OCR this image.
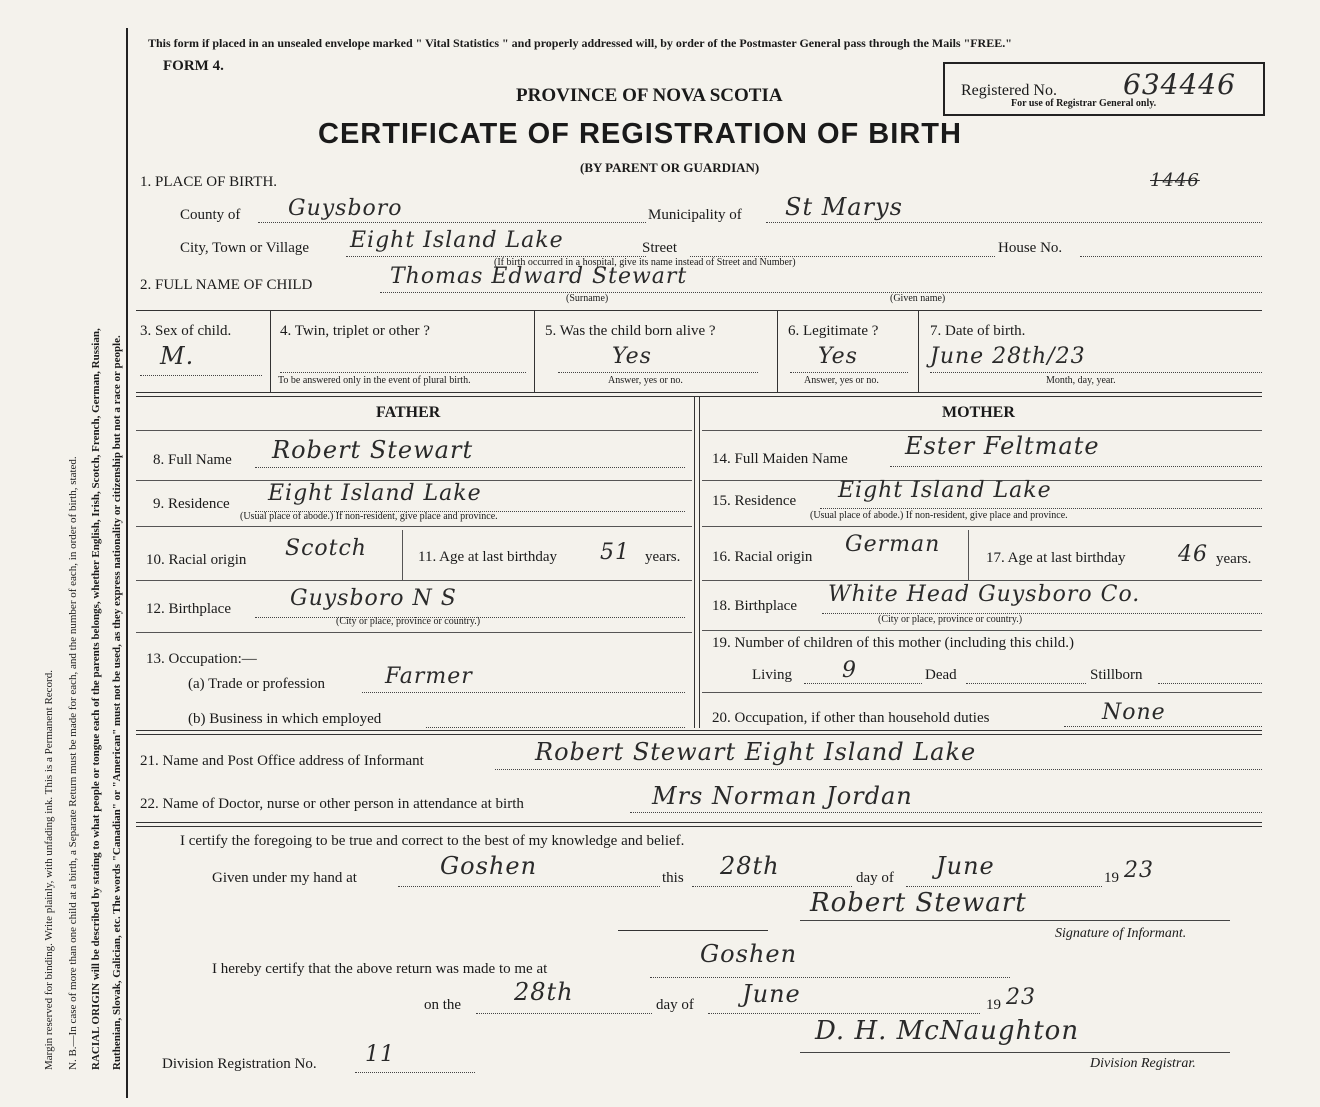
Margin reserved for binding. Write plainly, with unfading ink. This is a Permanent Record.	N. B.—In case of more than one child at a birth, a Separate Return must be made for each, and the number of each, in order of birth, stated.	RACIAL ORIGIN will be described by stating to what people or tongue each of the parents belongs, whether English, Irish, Scotch, French, German, Russian, Ruthenian, Slovak, Galician, etc. The words "Canadian" or "American" must not be used, as they express nationality or citizenship but not a race or people.
This form if placed in an unsealed envelope marked " Vital Statistics " and properly addressed will, by order of the Postmaster General pass through the Mails "FREE."
FORM 4.
PROVINCE OF NOVA SCOTIA
CERTIFICATE OF REGISTRATION OF BIRTH
(BY PARENT OR GUARDIAN)
Registered No. 634446
For use of Registrar General only.
1446
1. PLACE OF BIRTH.
County of Guysboro	Municipality of St Marys
City, Town or Village Eight Island Lake	Street	House No.
(If birth occurred in a hospital, give its name instead of Street and Number)
2. FULL NAME OF CHILD	Thomas Edward Stewart
(Surname)	(Given name)
3. Sex of child.
M.
4. Twin, triplet or other ?
To be answered only in the event of plural birth.
5. Was the child born alive ?
Yes
Answer, yes or no.
6. Legitimate ?
Yes
Answer, yes or no.
7. Date of birth.
June 28th/23
Month, day, year.
FATHER
8. Full Name Robert Stewart
9. Residence Eight Island Lake
(Usual place of abode.) If non-resident, give place and province.
10. Racial origin Scotch	11. Age at last birthday 51 years.
12. Birthplace	Guysboro N S
(City or place, province or country.)
13. Occupation:—
(a) Trade or profession	Farmer
(b) Business in which employed
MOTHER
14. Full Maiden Name Ester Feltmate
15. Residence Eight Island Lake
(Usual place of abode.) If non-resident, give place and province.
16. Racial origin German
17. Age at last birthday 46 years.
18. Birthplace White Head Guysboro Co.
(City or place, province or country.)
19. Number of children of this mother (including this child.)
Living 9	Dead	Stillborn
20. Occupation, if other than household duties	None
21. Name and Post Office address of Informant	Robert Stewart Eight Island Lake
22. Name of Doctor, nurse or other person in attendance at birth	Mrs Norman Jordan
I certify the foregoing to be true and correct to the best of my knowledge and belief.
Given under my hand at	Goshen	this 28th	day of June	19 23
Robert Stewart
Signature of Informant.
I hereby certify that the above return was made to me at
Goshen
on the 28th	day of June	19 23
Division Registration No. 11
D. H. McNaughton
Division Registrar.
